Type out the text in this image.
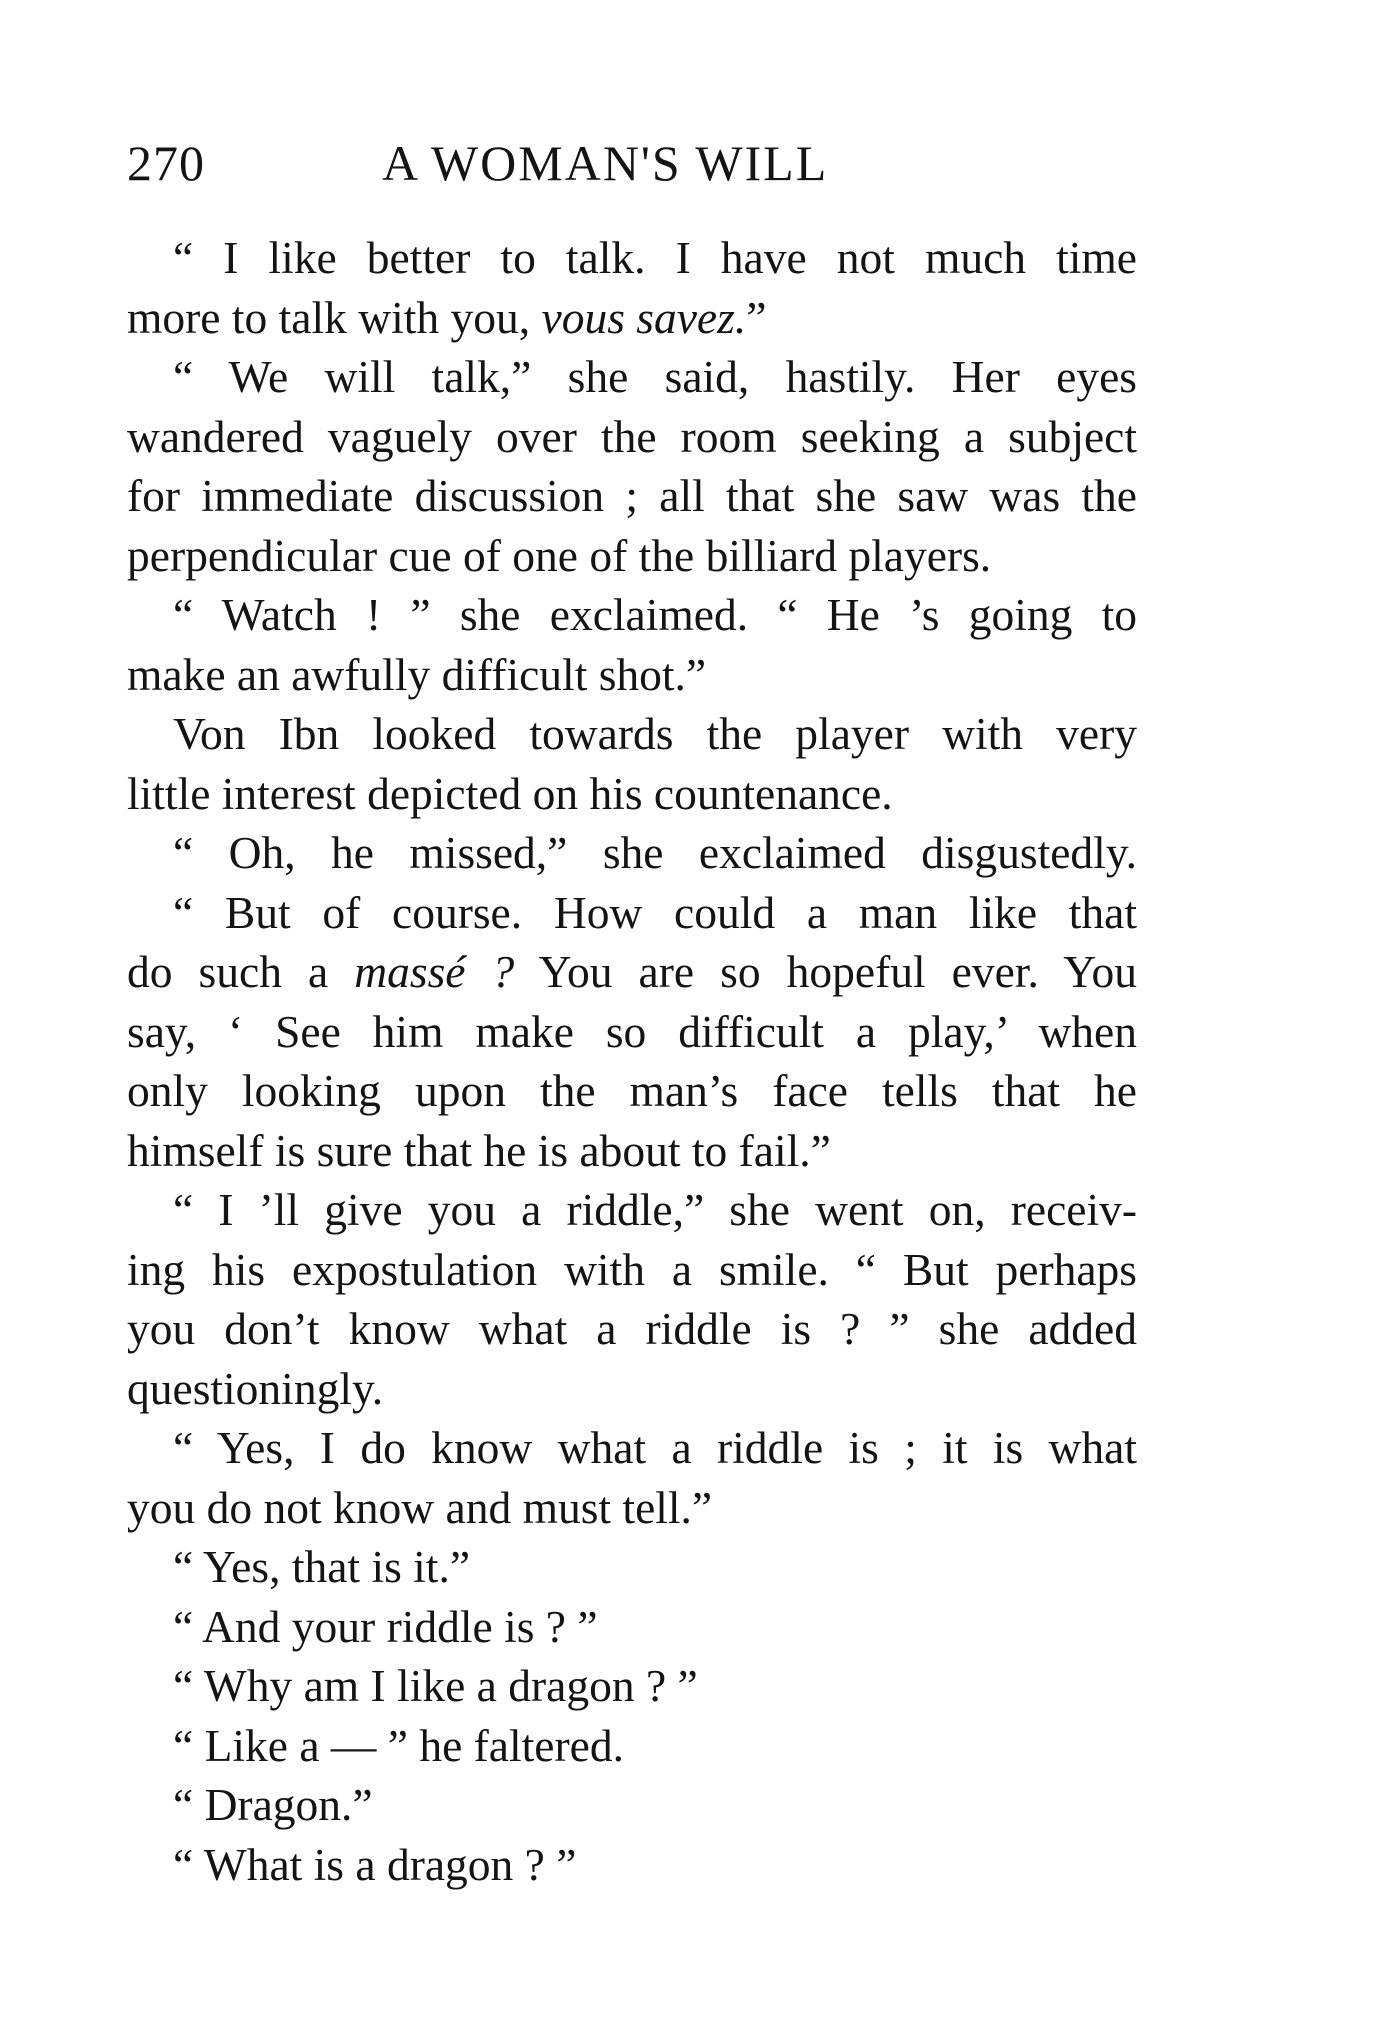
270	A WOMAN'S WILL
“ I like better to talk. I have not much time
more to talk with you, vous savez.”
“ We will talk,” she said, hastily. Her eyes
wandered vaguely over the room seeking a subject
for immediate discussion ; all that she saw was the
perpendicular cue of one of the billiard players.
“ Watch ! ” she exclaimed. “ He ’s going to
make an awfully difficult shot.”
Von Ibn looked towards the player with very
little interest depicted on his countenance.
“ Oh, he missed,” she exclaimed disgustedly.
“ But of course. How could a man like that
do such a massé ? You are so hopeful ever. You
say, ‘ See him make so difficult a play,’ when
only looking upon the man’s face tells that he
himself is sure that he is about to fail.”
“ I ’ll give you a riddle,” she went on, receiv-
ing his expostulation with a smile. “ But perhaps
you don’t know what a riddle is ? ” she added
questioningly.
“ Yes, I do know what a riddle is ; it is what
you do not know and must tell.”
“ Yes, that is it.”
“ And your riddle is ? ”
“ Why am I like a dragon ? ”
“ Like a — ” he faltered.
“ Dragon.”
“ What is a dragon ? ”
